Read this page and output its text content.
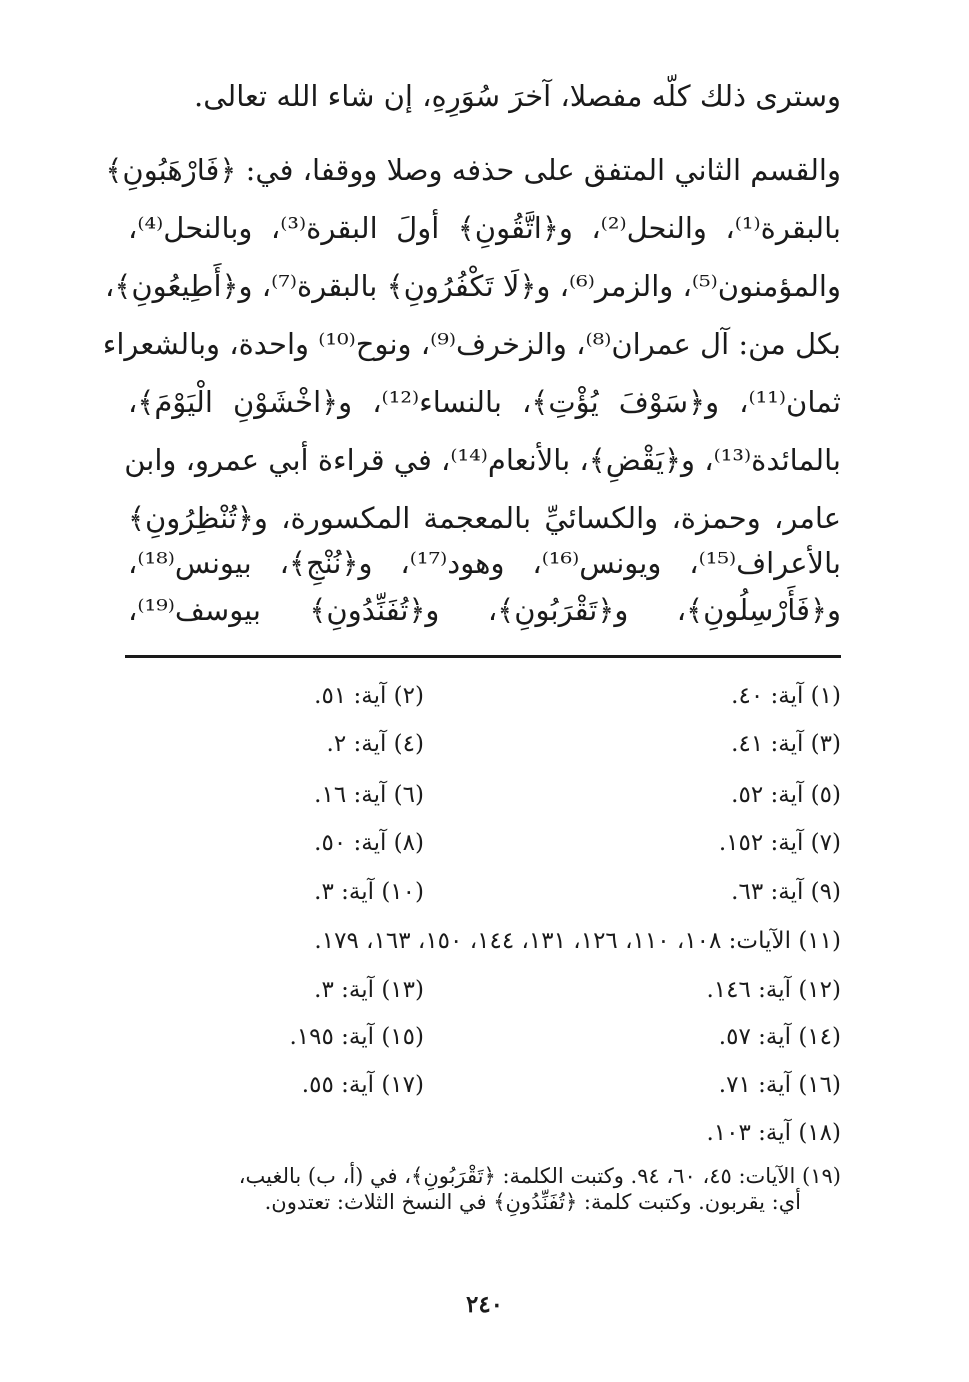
وسترى ذلك كلّه مفصلا، آخرَ سُوَرِهِ، إن شاء الله تعالى.
والقسم الثاني المتفق على حذفه وصلا ووقفا، في: ﴿فَارْهَبُونِ﴾
بالبقرة⁽¹⁾، والنحل⁽²⁾، و﴿اتَّقُونِ﴾ أولَ البقرة⁽³⁾، وبالنحل⁽⁴⁾،
والمؤمنون⁽⁵⁾، والزمر⁽⁶⁾، و﴿لَا تَكْفُرُونِ﴾ بالبقرة⁽⁷⁾، و﴿أَطِيعُونِ﴾،
بكل من: آل عمران⁽⁸⁾، والزخرف⁽⁹⁾، ونوح⁽¹⁰⁾ واحدة، وبالشعراء
ثمان⁽¹¹⁾، و﴿سَوْفَ يُؤْتِ﴾، بالنساء⁽¹²⁾، و﴿اخْشَوْنِ الْيَوْمَ﴾،
بالمائدة⁽¹³⁾، و﴿يَقْضِ﴾، بالأنعام⁽¹⁴⁾، في قراءة أبي عمرو، وابن
عامر، وحمزة، والكسائيِّ بالمعجمة المكسورة، و﴿تُنْظِرُونِ﴾
بالأعراف⁽¹⁵⁾، ويونس⁽¹⁶⁾، وهود⁽¹⁷⁾، و﴿نُنْجِ﴾، بيونس⁽¹⁸⁾،
و﴿فَأَرْسِلُونِ﴾، و﴿تَقْرَبُونِ﴾، و﴿تُفَنِّدُونِ﴾ بيوسف⁽¹⁹⁾،
(١) آية: ٤٠.
(٢) آية: ٥١.
(٣) آية: ٤١.
(٤) آية: ٢.
(٥) آية: ٥٢.
(٦) آية: ١٦.
(٧) آية: ١٥٢.
(٨) آية: ٥٠.
(٩) آية: ٦٣.
(١٠) آية: ٣.
(١١) الآيات: ١٠٨، ١١٠، ١٢٦، ١٣١، ١٤٤، ١٥٠، ١٦٣، ١٧٩.
(١٢) آية: ١٤٦.
(١٣) آية: ٣.
(١٤) آية: ٥٧.
(١٥) آية: ١٩٥.
(١٦) آية: ٧١.
(١٧) آية: ٥٥.
(١٨) آية: ١٠٣.
(١٩) الآيات: ٤٥، ٦٠، ٩٤. وكتبت الكلمة: ﴿تَقْرَبُونِ﴾، في (أ، ب) بالغيب،
أي: يقربون. وكتبت كلمة: ﴿تُفَنِّدُونِ﴾ في النسخ الثلاث: تعتدون.
٢٤٠
